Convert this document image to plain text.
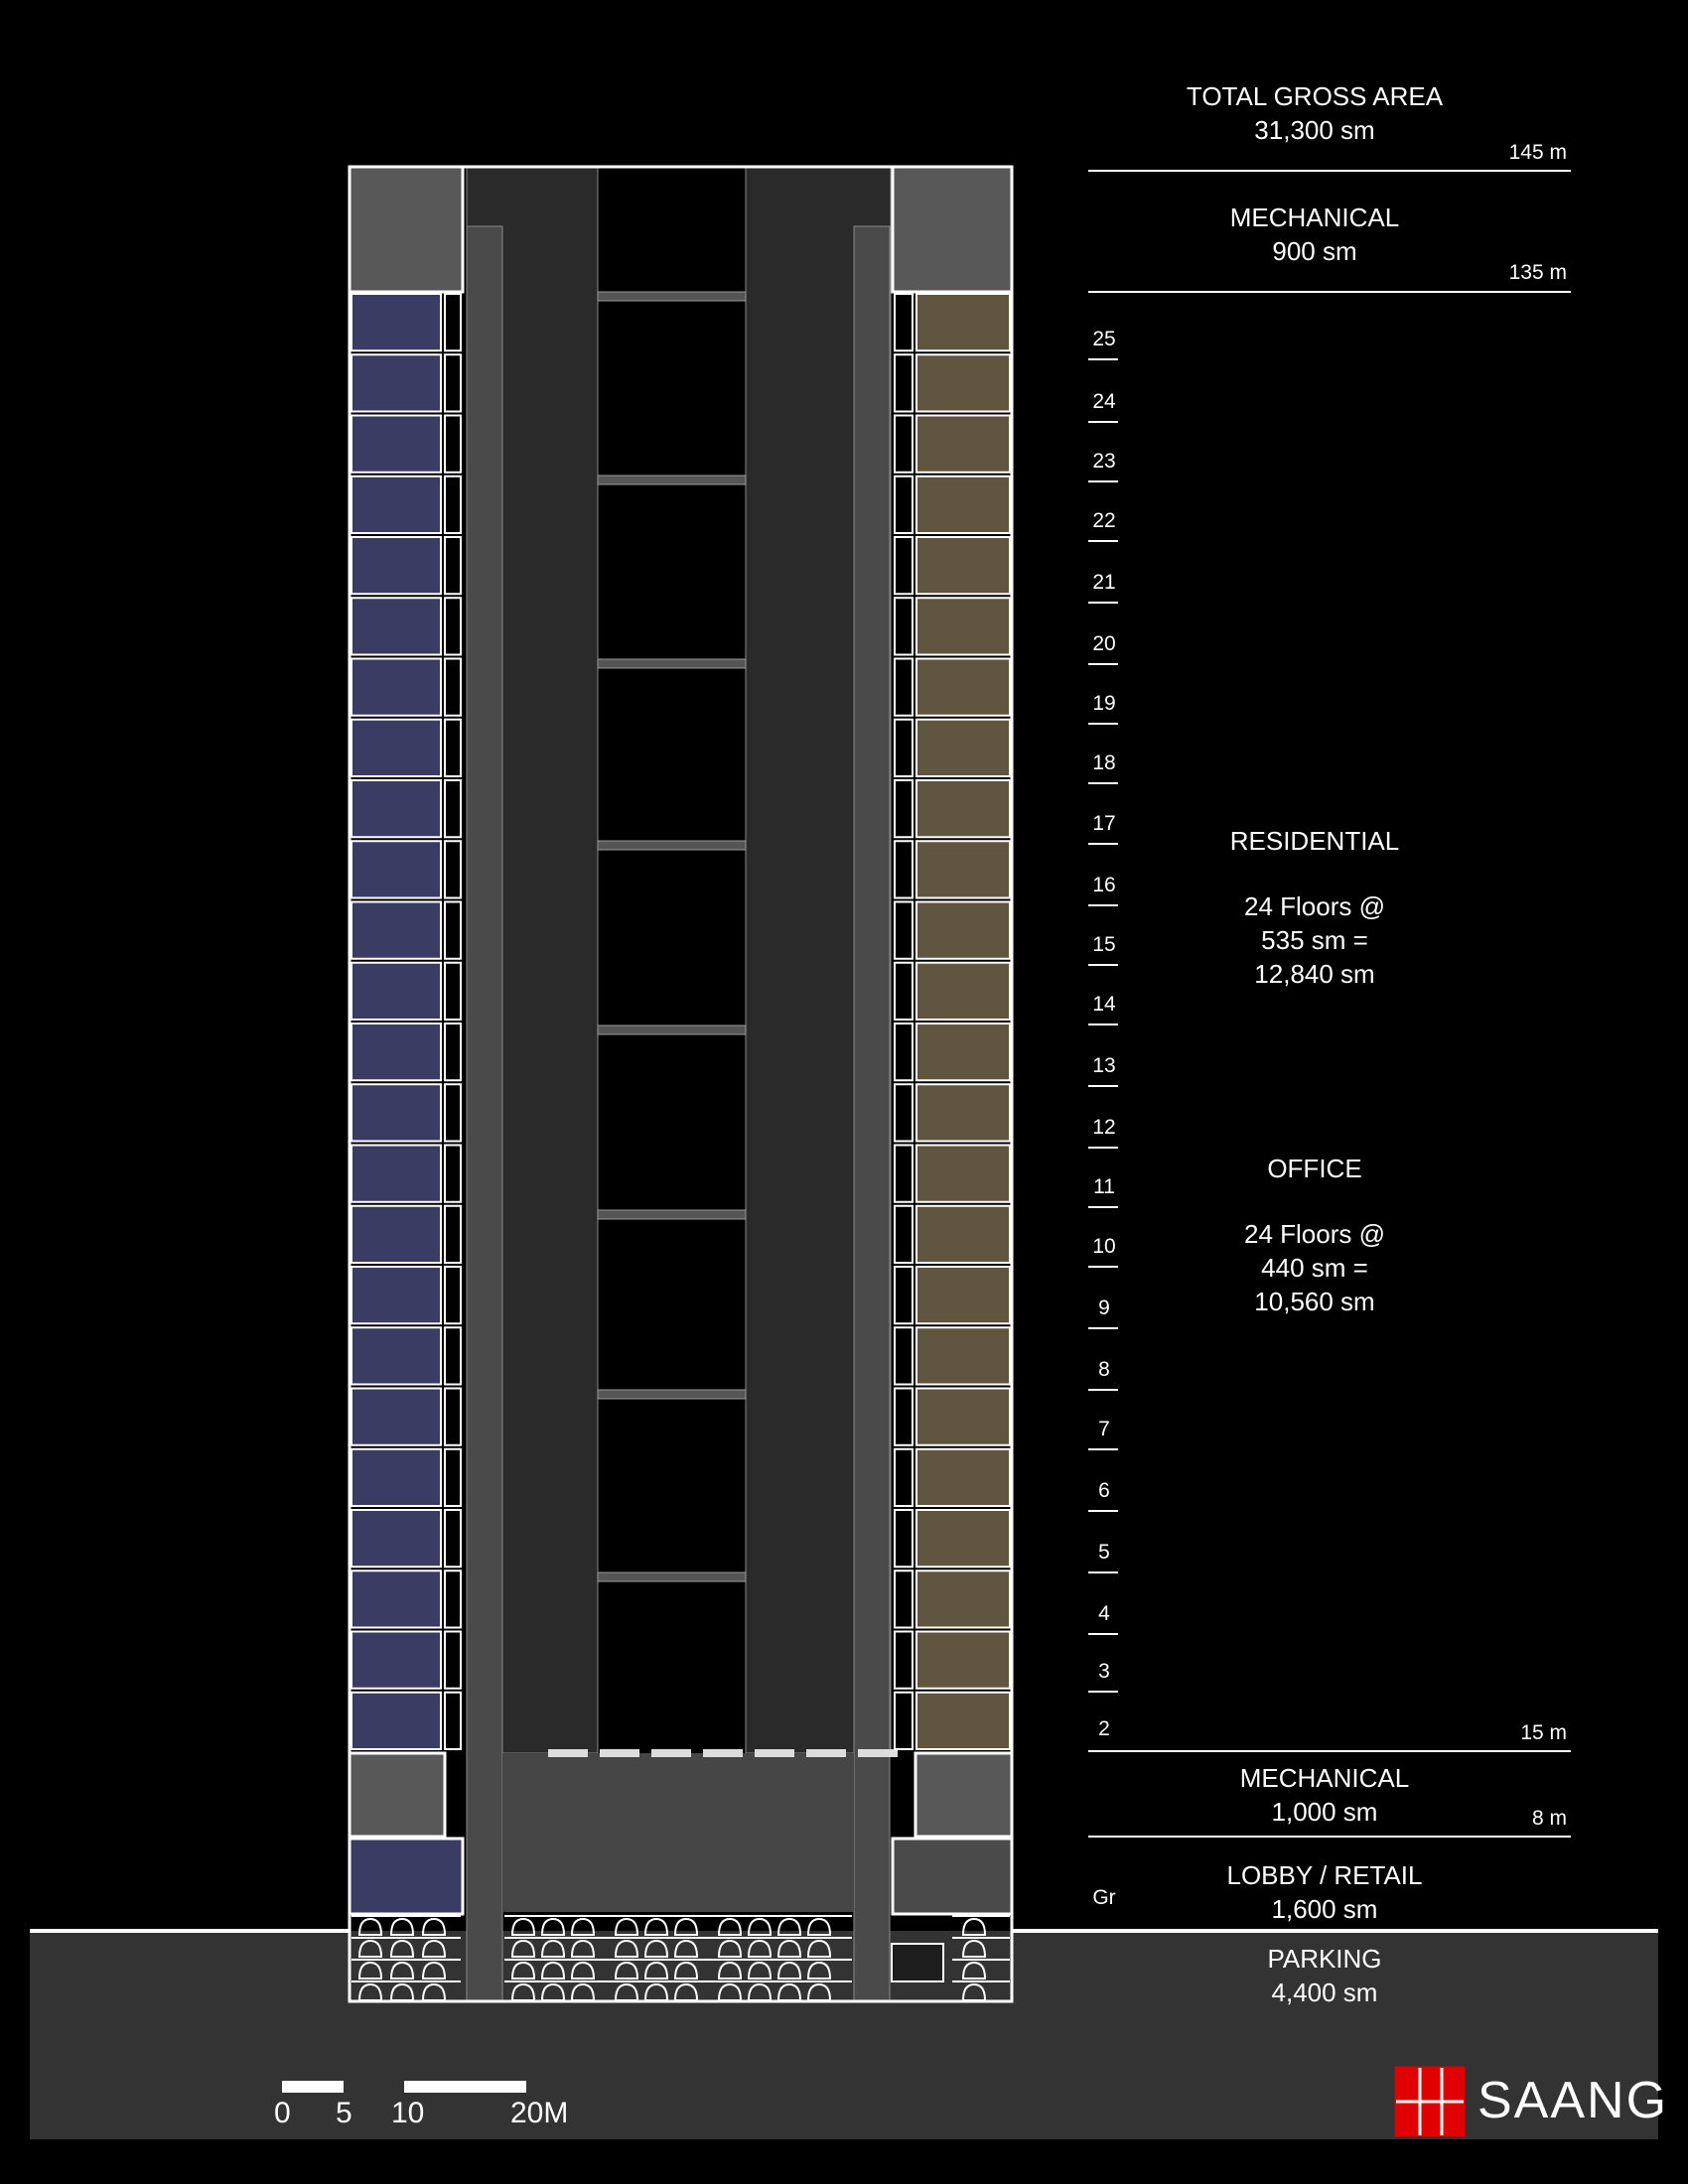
TOTAL GROSS AREA
31,300 sm
145 m
MECHANICAL
900 sm
135 m
RESIDENTIAL
24 Floors @
535 sm =
12,840 sm
OFFICE
24 Floors @
440 sm =
10,560 sm
15 m
MECHANICAL
1,000 sm	8 m
LOBBY / RETAIL
1,600 sm
PARKING
4,400 sm
25
24
23
22
21
20
19
18
17
16
15
14
13
12
11
10
9
8
7
6
5
4
3
2
Gr
0 5 10	20M	SAANG
